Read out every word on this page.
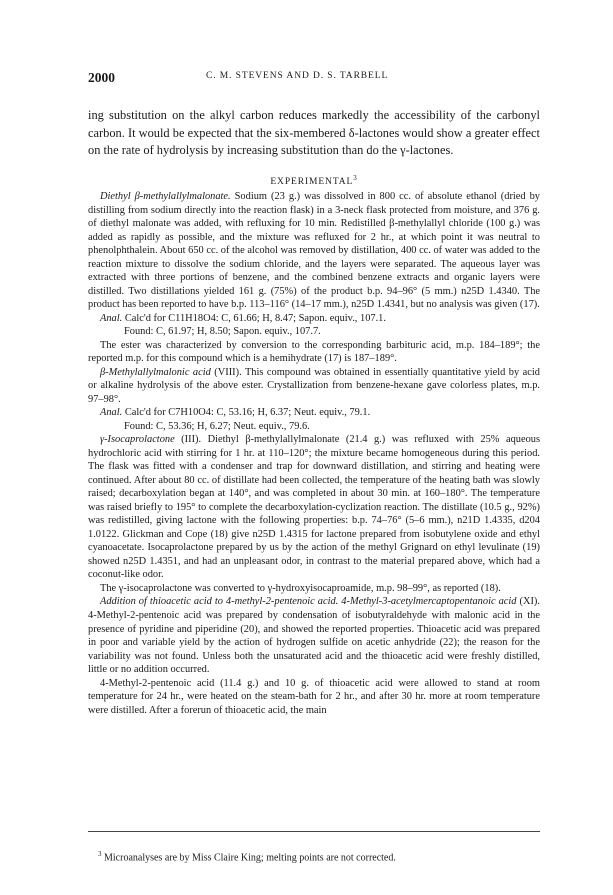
2000	C. M. STEVENS AND D. S. TARBELL

ing substitution on the alkyl carbon reduces markedly the accessibility of the carbonyl carbon. It would be expected that the six-membered δ-lactones would show a greater effect on the rate of hydrolysis by increasing substitution than do the γ-lactones.

EXPERIMENTAL$^3$

Diethyl β-methylallylmalonate. Sodium (23 g.) was dissolved in 800 cc. of absolute ethanol (dried by distilling from sodium directly into the reaction flask) in a 3-neck flask protected from moisture, and 376 g. of diethyl malonate was added, with refluxing for 10 min. Redistilled β-methylallyl chloride (100 g.) was added as rapidly as possible, and the mixture was refluxed for 2 hr., at which point it was neutral to phenolphthalein. About 650 cc. of the alcohol was removed by distillation, 400 cc. of water was added to the reaction mixture to dissolve the sodium chloride, and the layers were separated. The aqueous layer was extracted with three portions of benzene, and the combined benzene extracts and organic layers were distilled. Two distillations yielded 161 g. (75%) of the product b.p. 94–96° (5 mm.) n25D 1.4340. The product has been reported to have b.p. 113–116° (14–17 mm.), n25D 1.4341, but no analysis was given (17).

Anal. Calc'd for C11H18O4: C, 61.66; H, 8.47; Sapon. equiv., 107.1.

Found: C, 61.97; H, 8.50; Sapon. equiv., 107.7.

The ester was characterized by conversion to the corresponding barbituric acid, m.p. 184–189°; the reported m.p. for this compound which is a hemihydrate (17) is 187–189°.

β-Methylallylmalonic acid (VIII). This compound was obtained in essentially quantitative yield by acid or alkaline hydrolysis of the above ester. Crystallization from benzene-hexane gave colorless plates, m.p. 97–98°.

Anal. Calc'd for C7H10O4: C, 53.16; H, 6.37; Neut. equiv., 79.1.

Found: C, 53.36; H, 6.27; Neut. equiv., 79.6.

γ-Isocaprolactone (III). Diethyl β-methylallylmalonate (21.4 g.) was refluxed with 25% aqueous hydrochloric acid with stirring for 1 hr. at 110–120°; the mixture became homogeneous during this period. The flask was fitted with a condenser and trap for downward distillation, and stirring and heating were continued. After about 80 cc. of distillate had been collected, the temperature of the heating bath was slowly raised; decarboxylation began at 140°, and was completed in about 30 min. at 160–180°. The temperature was raised briefly to 195° to complete the decarboxylation-cyclization reaction. The distillate (10.5 g., 92%) was redistilled, giving lactone with the following properties: b.p. 74–76° (5–6 mm.), n21D 1.4335, d204 1.0122. Glickman and Cope (18) give n25D 1.4315 for lactone prepared from isobutylene oxide and ethyl cyanoacetate. Isocaprolactone prepared by us by the action of the methyl Grignard on ethyl levulinate (19) showed n25D 1.4351, and had an unpleasant odor, in contrast to the material prepared above, which had a coconut-like odor.

The γ-isocaprolactone was converted to γ-hydroxyisocaproamide, m.p. 98–99°, as reported (18).

Addition of thioacetic acid to 4-methyl-2-pentenoic acid. 4-Methyl-3-acetylmercaptopentanoic acid (XI). 4-Methyl-2-pentenoic acid was prepared by condensation of isobutyraldehyde with malonic acid in the presence of pyridine and piperidine (20), and showed the reported properties. Thioacetic acid was prepared in poor and variable yield by the action of hydrogen sulfide on acetic anhydride (22); the reason for the variability was not found. Unless both the unsaturated acid and the thioacetic acid were freshly distilled, little or no addition occurred.

4-Methyl-2-pentenoic acid (11.4 g.) and 10 g. of thioacetic acid were allowed to stand at room temperature for 24 hr., were heated on the steam-bath for 2 hr., and after 30 hr. more at room temperature were distilled. After a forerun of thioacetic acid, the main

$^3$ Microanalyses are by Miss Claire King; melting points are not corrected.
